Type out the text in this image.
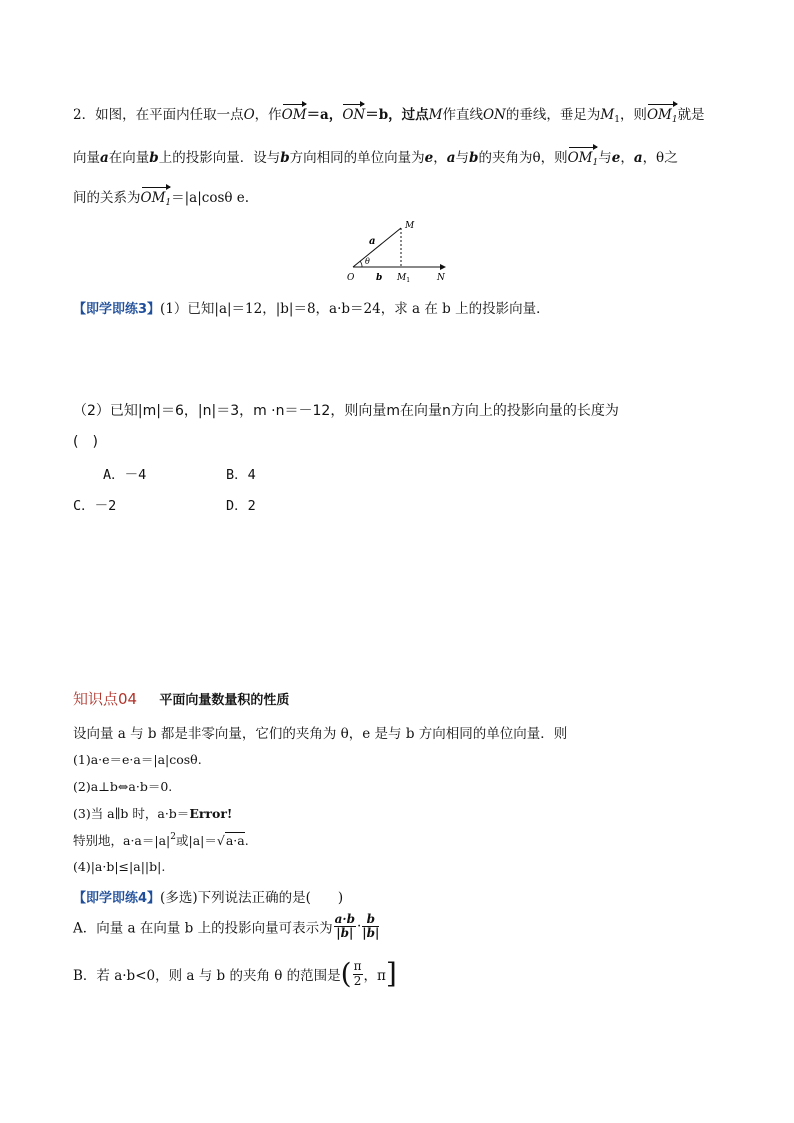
2．如图，在平面内任取一点O，作OM＝a，ON＝b，过点M作直线ON的垂线，垂足为$M_1$，则$OM_1$就是
向量a在向量b上的投影向量．设与b方向相同的单位向量为e，a与b的夹角为θ，则$OM_1$与e，a，θ之
间的关系为$OM_1=|a|\cos\theta$ e.
M
a
θ
O b $M_1$	N
【即学即练3】(1）已知|a|＝12，|b|＝8，a·b＝24，求 a 在 b 上的投影向量．
（2）已知|m|＝6，|n|＝3，m ·n＝－12，则向量m在向量n方向上的投影向量的长度为
(　)
A．－4	B．4
C．－2	D．2
知识点04 平面向量数量积的性质
设向量 a 与 b 都是非零向量，它们的夹角为 θ，e 是与 b 方向相同的单位向量．则
(1)a·e＝e·a＝|a|cosθ.
(2)a⊥b⇔a·b＝0.
(3)当 a∥b 时，a·b＝Error!
特别地，$a\cdot a=|a|^2$或|a|＝√a·a.
(4)|a·b|≤|a||b|.
【即学即练4】(多选)下列说法正确的是(　　)
A．向量 a 在向量 b 上的投影向量可表示为 $\frac{a\cdot b}{|b|} \cdot \frac{b}{|b|}$
B．若 a·b<0，则 a 与 b 的夹角 θ 的范围是( $\frac{\pi}{2}$ ，π]
